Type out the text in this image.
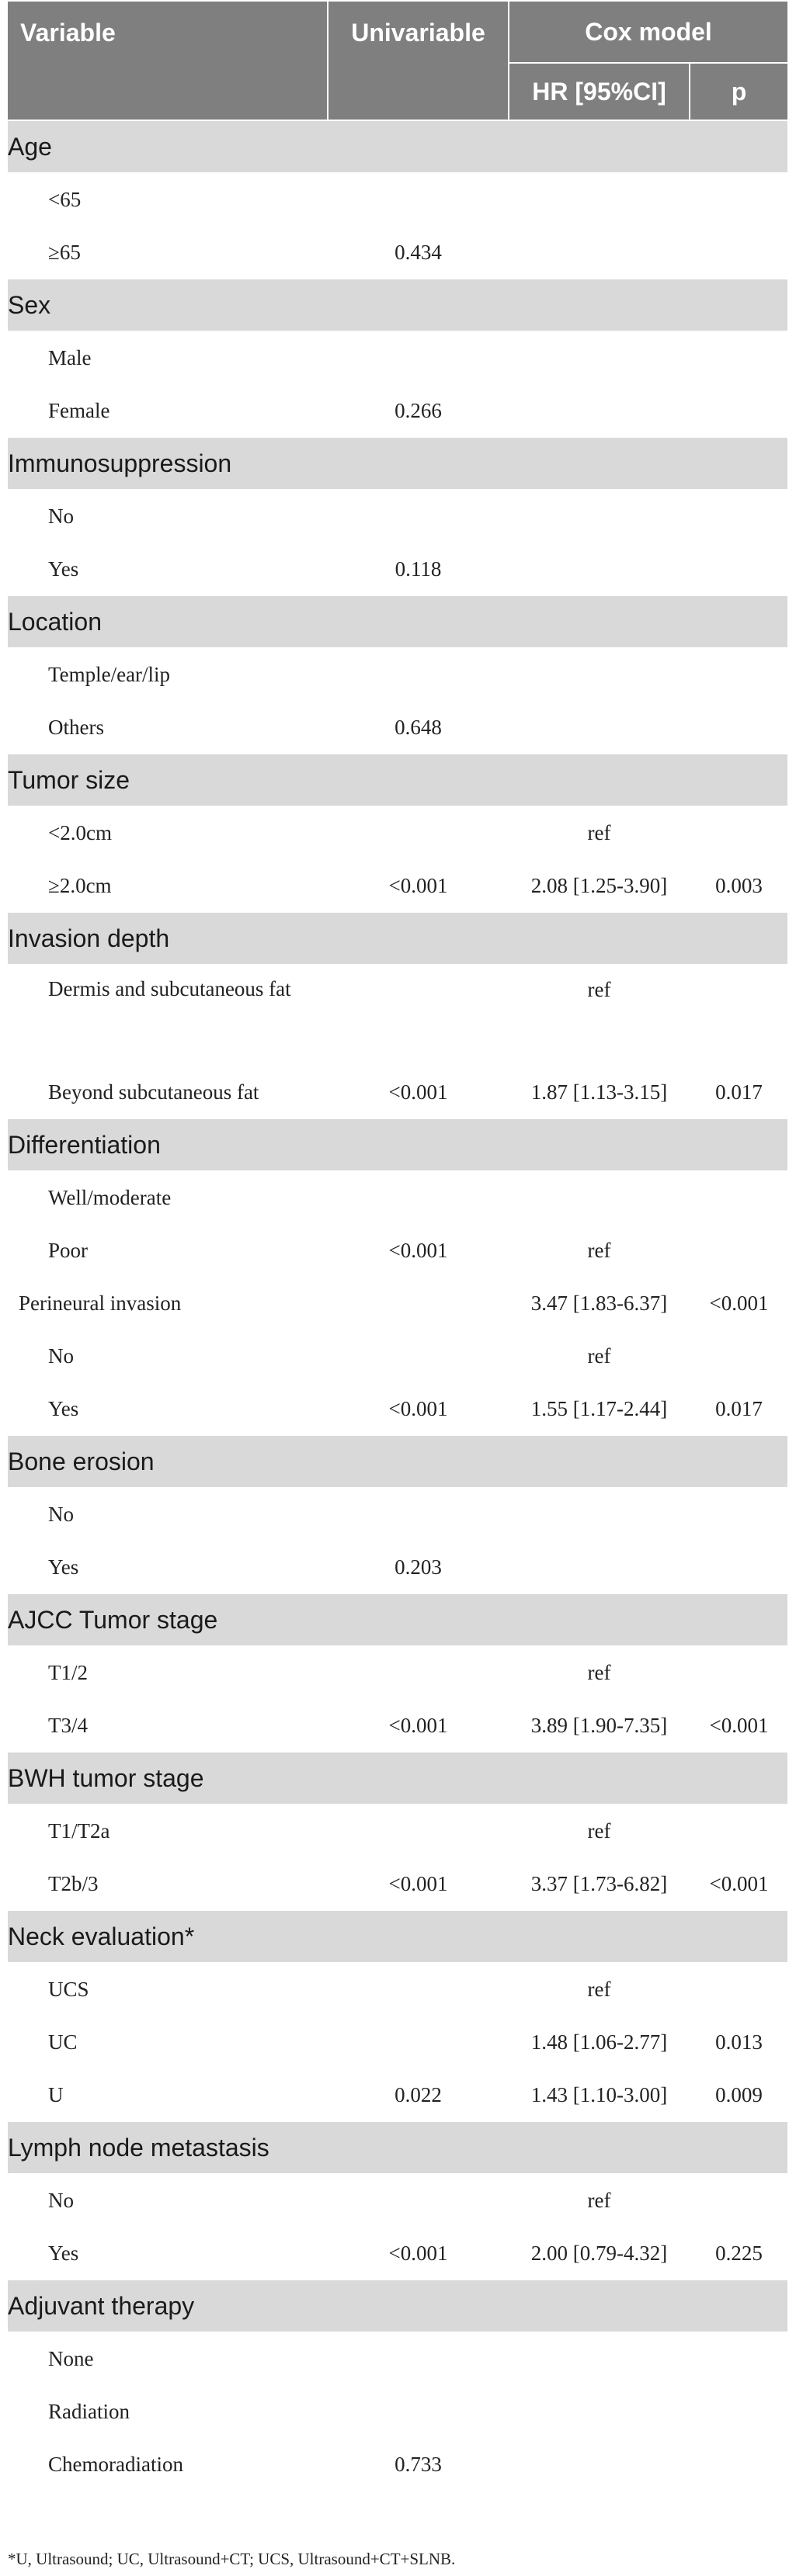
Variable	Univariable	Cox model	
		HR [95%CI]	p
Age			
<65			
≥65	0.434		
Sex			
Male			
Female	0.266		
Immunosuppression			
No			
Yes	0.118		
Location			
Temple/ear/lip			
Others	0.648		
Tumor size			
<2.0cm		ref	
≥2.0cm	<0.001	2.08 [1.25-3.90]	0.003
Invasion depth			
Dermis and subcutaneous fat		ref	
Beyond subcutaneous fat	<0.001	1.87 [1.13-3.15]	0.017
Differentiation			
Well/moderate			
Poor	<0.001	ref	
Perineural invasion		3.47 [1.83-6.37]	<0.001
No		ref	
Yes	<0.001	1.55 [1.17-2.44]	0.017
Bone erosion			
No			
Yes	0.203		
AJCC Tumor stage			
T1/2		ref	
T3/4	<0.001	3.89 [1.90-7.35]	<0.001
BWH tumor stage			
T1/T2a		ref	
T2b/3	<0.001	3.37 [1.73-6.82]	<0.001
Neck evaluation*			
UCS		ref	
UC		1.48 [1.06-2.77]	0.013
U	0.022	1.43 [1.10-3.00]	0.009
Lymph node metastasis			
No		ref	
Yes	<0.001	2.00 [0.79-4.32]	0.225
Adjuvant therapy			
None			
Radiation			
Chemoradiation	0.733		
*U, Ultrasound; UC, Ultrasound+CT; UCS, Ultrasound+CT+SLNB.
